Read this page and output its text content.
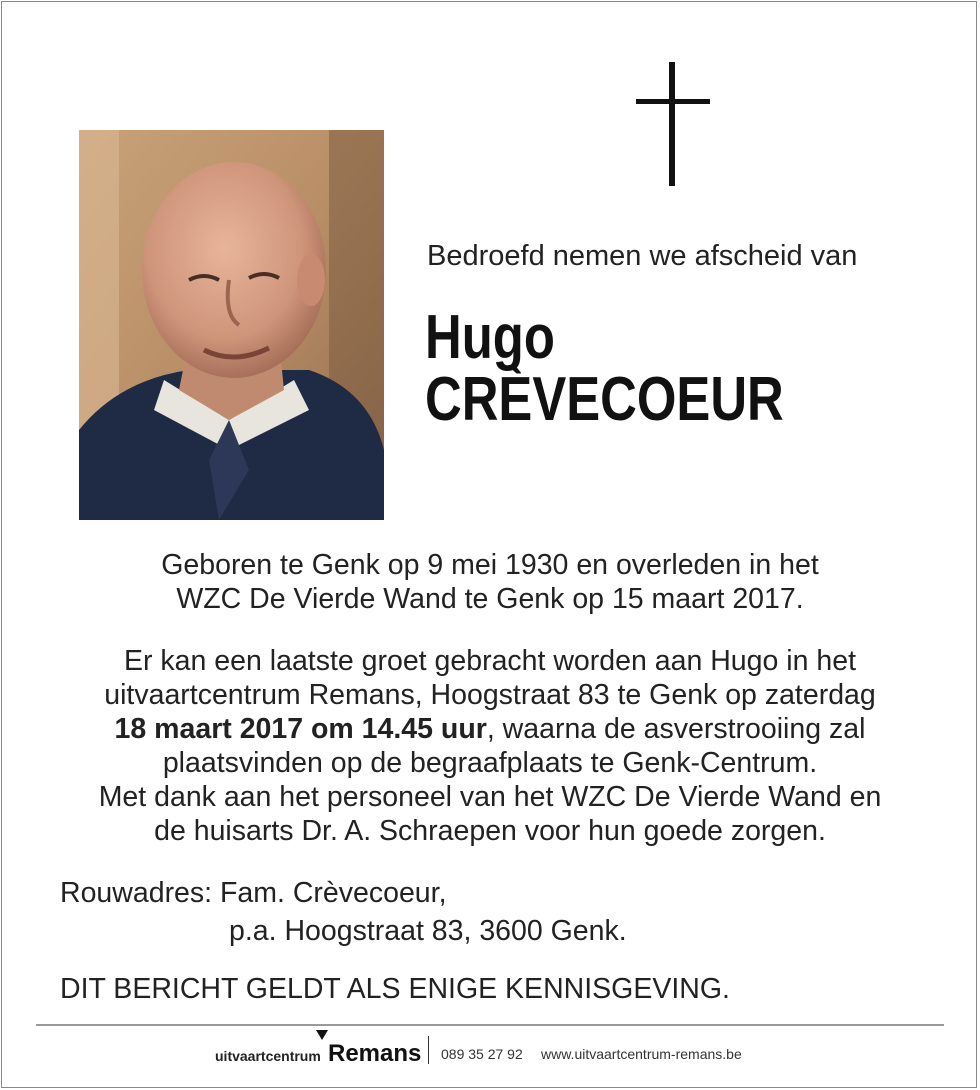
Bedroefd nemen we afscheid van
Hugo
CRÈVECOEUR
Geboren te Genk op 9 mei 1930 en overleden in het
WZC De Vierde Wand te Genk op 15 maart 2017.
Er kan een laatste groet gebracht worden aan Hugo in het
uitvaartcentrum Remans, Hoogstraat 83 te Genk op zaterdag
18 maart 2017 om 14.45 uur, waarna de asverstrooiing zal
plaatsvinden op de begraafplaats te Genk-Centrum.
Met dank aan het personeel van het WZC De Vierde Wand en
de huisarts Dr. A. Schraepen voor hun goede zorgen.
Rouwadres: Fam. Crèvecoeur,
p.a. Hoogstraat 83, 3600 Genk.
DIT BERICHT GELDT ALS ENIGE KENNISGEVING.
uitvaartcentrum Remans 089 35 27 92 www.uitvaartcentrum-remans.be
